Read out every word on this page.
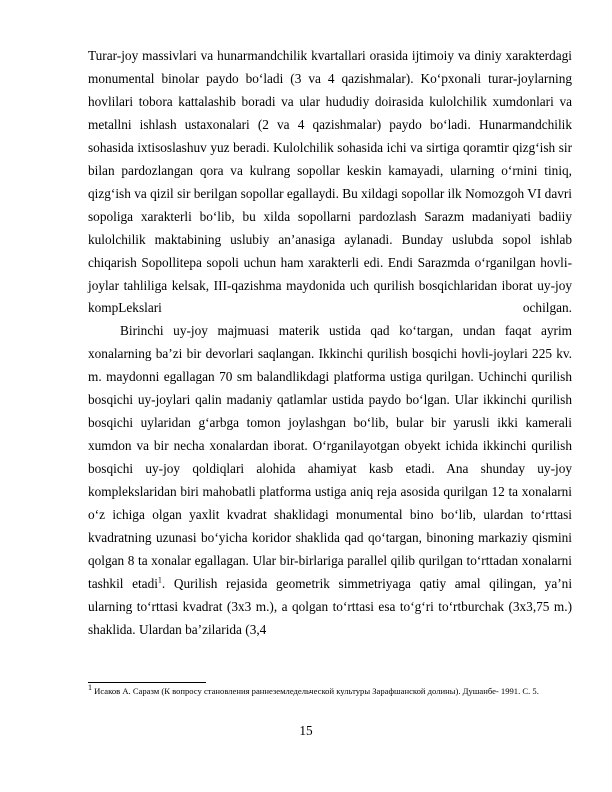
Turar-joy massivlari va hunarmandchilik kvartallari orasida ijtimoiy va diniy xarakterdagi monumental binolar paydo bo‘ladi (3 va 4 qazishmalar). Ko‘pxonali turar-joylarning hovlilari tobora kattalashib boradi va ular hududiy doirasida kulolchilik xumdonlari va metallni ishlash ustaxonalari (2 va 4 qazishmalar) paydo bo‘ladi. Hunarmandchilik sohasida ixtisoslashuv yuz beradi. Kulolchilik sohasida ichi va sirtiga qoramtir qizg‘ish sir bilan pardozlangan qora va kulrang sopollar keskin kamayadi, ularning o‘rnini tiniq, qizg‘ish va qizil sir berilgan sopollar egallaydi. Bu xildagi sopollar ilk Nomozgoh VI davri sopoliga xarakterli bo‘lib, bu xilda sopollarni pardozlash Sarazm madaniyati badiiy kulolchilik maktabining uslubiy an’anasiga aylanadi. Bunday uslubda sopol ishlab chiqarish Sopollitepa sopoli uchun ham xarakterli edi. Endi Sarazmda o‘rganilgan hovli-joylar tahliliga kelsak, III-qazishma maydonida uch qurilish bosqichlaridan iborat uy-joy kompLekslari ochilgan.

Birinchi uy-joy majmuasi materik ustida qad ko‘targan, undan faqat ayrim xonalarning ba’zi bir devorlari saqlangan. Ikkinchi qurilish bosqichi hovli-joylari 225 kv. m. maydonni egallagan 70 sm balandlikdagi platforma ustiga qurilgan. Uchinchi qurilish bosqichi uy-joylari qalin madaniy qatlamlar ustida paydo bo‘lgan. Ular ikkinchi qurilish bosqichi uylaridan g‘arbga tomon joylashgan bo‘lib, bular bir yarusli ikki kamerali xumdon va bir necha xonalardan iborat. O‘rganilayotgan obyekt ichida ikkinchi qurilish bosqichi uy-joy qoldiqlari alohida ahamiyat kasb etadi. Ana shunday uy-joy komplekslaridan biri mahobatli platforma ustiga aniq reja asosida qurilgan 12 ta xonalarni o‘z ichiga olgan yaxlit kvadrat shaklidagi monumental bino bo‘lib, ulardan to‘rttasi kvadratning uzunasi bo‘yicha koridor shaklida qad qo‘targan, binoning markaziy qismini qolgan 8 ta xonalar egallagan. Ular bir-birlariga parallel qilib qurilgan to‘rttadan xonalarni tashkil etadi$^1$. Qurilish rejasida geometrik simmetriyaga qatiy amal qilingan, ya’ni ularning to‘rttasi kvadrat (3x3 m.), a qolgan to‘rttasi esa to‘g‘ri to‘rtburchak (3x3,75 m.) shaklida. Ulardan ba’zilarida (3,4

$^1$ Исаков А. Саразм (К вопросу становления раннеземледельческой культуры Зарафшанской долины). Душанбе- 1991. С. 5.
15
